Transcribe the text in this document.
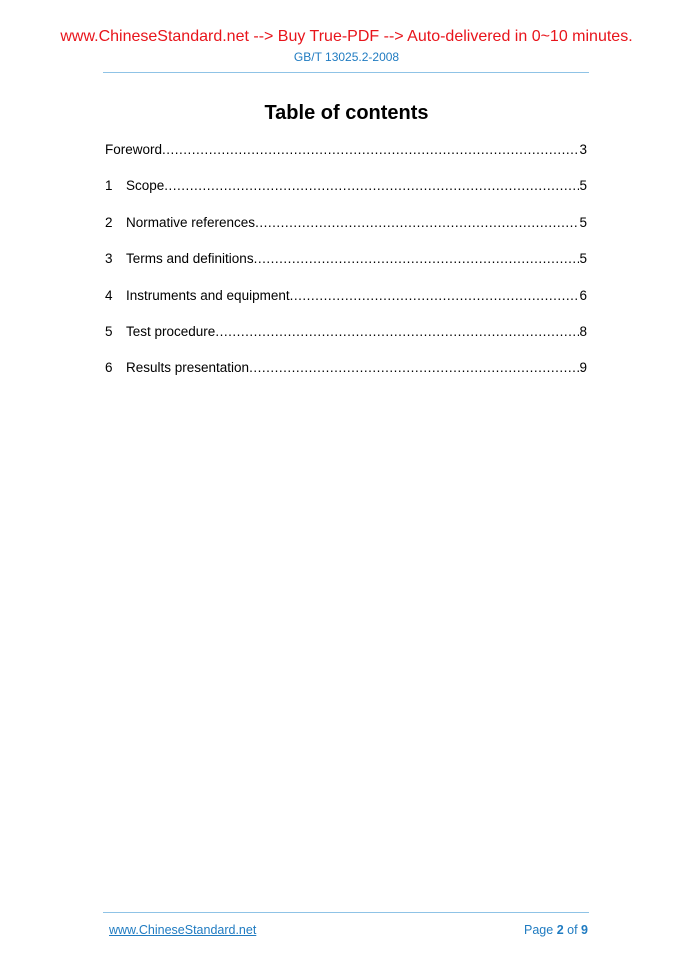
www.ChineseStandard.net --> Buy True-PDF --> Auto-delivered in 0~10 minutes.
GB/T 13025.2-2008
Table of contents
Foreword .....	3
1 Scope .....	5
2 Normative references .....	5
3 Terms and definitions .....	5
4 Instruments and equipment .....	6
5 Test procedure .....	8
6 Results presentation .....	9
www.ChineseStandard.net	Page 2 of 9
